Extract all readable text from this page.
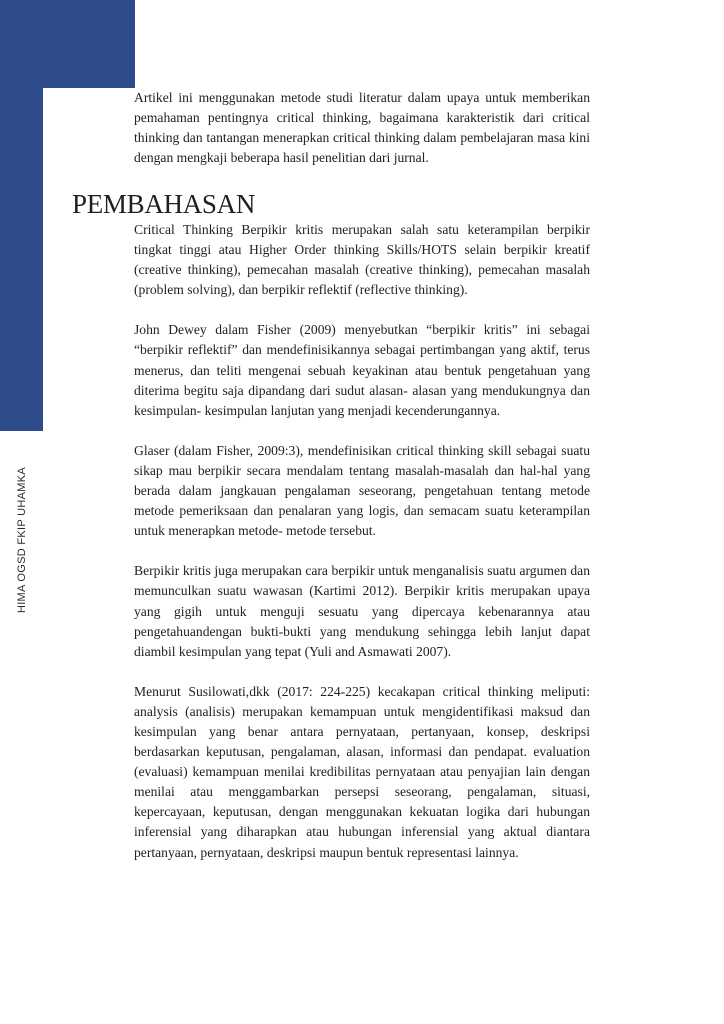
HIMA OGSD FKIP UHAMKA

Artikel ini menggunakan metode studi literatur dalam upaya untuk memberikan pemahaman pentingnya critical thinking, bagaimana karakteristik dari critical thinking dan tantangan menerapkan critical thinking dalam pembelajaran masa kini dengan mengkaji beberapa hasil penelitian dari jurnal.

PEMBAHASAN

Critical Thinking Berpikir kritis merupakan salah satu keterampilan berpikir tingkat tinggi atau Higher Order thinking Skills/HOTS selain berpikir kreatif (creative thinking), pemecahan masalah (creative thinking), pemecahan masalah (problem solving), dan berpikir reflektif (reflective thinking).

John Dewey dalam Fisher (2009) menyebutkan “berpikir kritis” ini sebagai “berpikir reflektif” dan mendefinisikannya sebagai pertimbangan yang aktif, terus menerus, dan teliti mengenai sebuah keyakinan atau bentuk pengetahuan yang diterima begitu saja dipandang dari sudut alasan- alasan yang mendukungnya dan kesimpulan- kesimpulan lanjutan yang menjadi kecenderungannya.

Glaser (dalam Fisher, 2009:3), mendefinisikan critical thinking skill sebagai suatu sikap mau berpikir secara mendalam tentang masalah-masalah dan hal-hal yang berada dalam jangkauan pengalaman seseorang, pengetahuan tentang metode metode pemeriksaan dan penalaran yang logis, dan semacam suatu keterampilan untuk menerapkan metode- metode tersebut.

Berpikir kritis juga merupakan cara berpikir untuk menganalisis suatu argumen dan memunculkan suatu wawasan (Kartimi 2012). Berpikir kritis merupakan upaya yang gigih untuk menguji sesuatu yang dipercaya kebenarannya atau pengetahuandengan bukti-bukti yang mendukung sehingga lebih lanjut dapat diambil kesimpulan yang tepat (Yuli and Asmawati 2007).

Menurut Susilowati,dkk (2017: 224-225) kecakapan critical thinking meliputi: analysis (analisis) merupakan kemampuan untuk mengidentifikasi maksud dan kesimpulan yang benar antara pernyataan, pertanyaan, konsep, deskripsi berdasarkan keputusan, pengalaman, alasan, informasi dan pendapat. evaluation (evaluasi) kemampuan menilai kredibilitas pernyataan atau penyajian lain dengan menilai atau menggambarkan persepsi seseorang, pengalaman, situasi, kepercayaan, keputusan, dengan menggunakan kekuatan logika dari hubungan inferensial yang diharapkan atau hubungan inferensial yang aktual diantara pertanyaan, pernyataan, deskripsi maupun bentuk representasi lainnya.
